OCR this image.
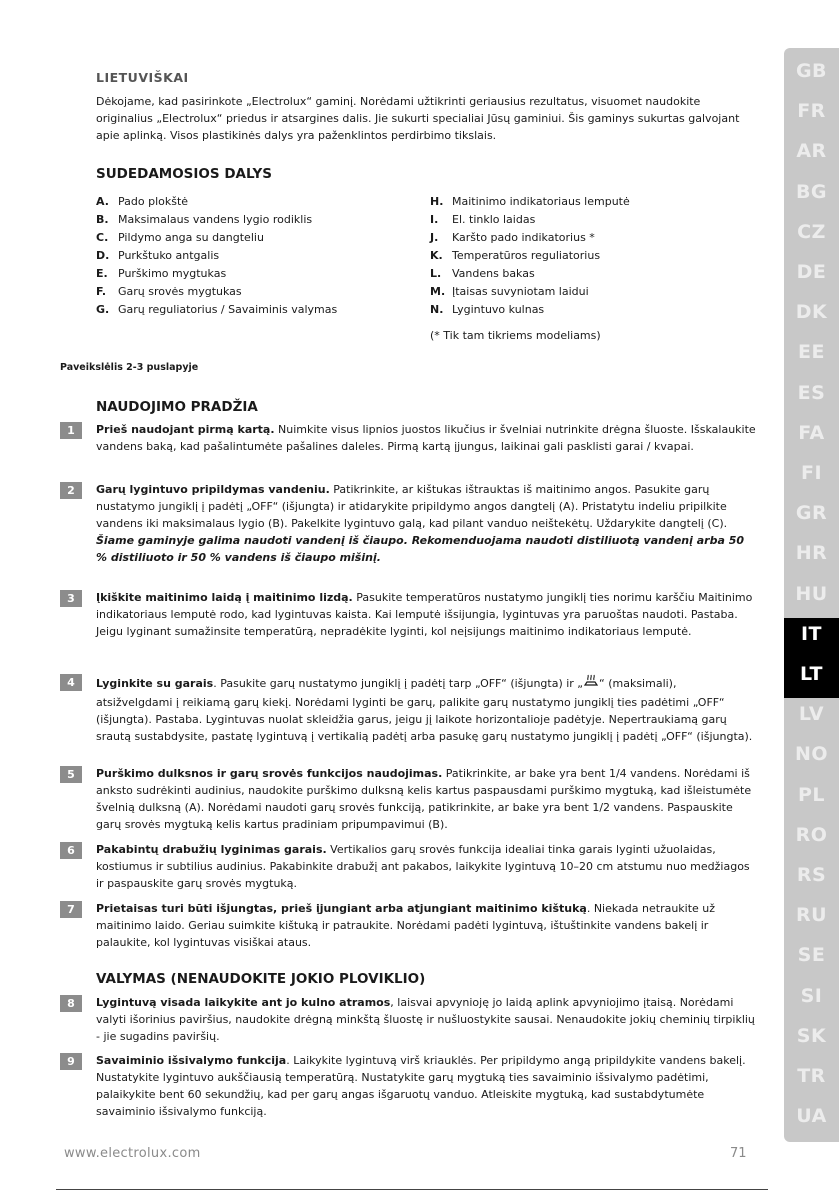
LIETUVIŠKAI
Dėkojame, kad pasirinkote „Electrolux“ gaminį. Norėdami užtikrinti geriausius rezultatus, visuomet naudokite originalius „Electrolux“ priedus ir atsargines dalis. Jie sukurti specialiai Jūsų gaminiui. Šis gaminys sukurtas galvojant apie aplinką. Visos plastikinės dalys yra paženklintos perdirbimo tikslais.
SUDEDAMOSIOS DALYS
A. Pado plokštė
B. Maksimalaus vandens lygio rodiklis
C. Pildymo anga su dangteliu
D. Purkštuko antgalis
E. Purškimo mygtukas
F.	Garų srovės mygtukas
G. Garų reguliatorius / Savaiminis valymas
H. Maitinimo indikatoriaus lemputė
I.	El. tinklo laidas
J.	Karšto pado indikatorius *
K. Temperatūros reguliatorius
L. Vandens bakas
M. Įtaisas suvyniotam laidui
N. Lygintuvo kulnas
(* Tik tam tikriems modeliams)
Paveikslėlis 2-3 puslapyje
NAUDOJIMO PRADŽIA
1	Prieš naudojant pirmą kartą. Nuimkite visus lipnios juostos likučius ir švelniai nutrinkite drėgna šluoste. Išskalaukite vandens baką, kad pašalintumėte pašalines daleles. Pirmą kartą įjungus, laikinai gali pasklisti garai / kvapai.
2	Garų lygintuvo pripildymas vandeniu. Patikrinkite, ar kištukas ištrauktas iš maitinimo angos. Pasukite garų nustatymo jungiklį į padėtį „OFF“ (išjungta) ir atidarykite pripildymo angos dangtelį (A). Pristatytu indeliu pripilkite vandens iki maksimalaus lygio (B). Pakelkite lygintuvo galą, kad pilant vanduo neištekėtų. Uždarykite dangtelį (C).
Šiame gaminyje galima naudoti vandenį iš čiaupo. Rekomenduojama naudoti distiliuotą vandenį arba 50 % distiliuoto ir 50 % vandens iš čiaupo mišinį.
3	Įkiškite maitinimo laidą į maitinimo lizdą. Pasukite temperatūros nustatymo jungiklį ties norimu karščiu Maitinimo indikatoriaus lemputė rodo, kad lygintuvas kaista. Kai lemputė išsijungia, lygintuvas yra paruoštas naudoti. Pastaba. Jeigu lyginant sumažinsite temperatūrą, nepradėkite lyginti, kol neįsijungs maitinimo indikatoriaus lemputė.
4	Lyginkite su garais. Pasukite garų nustatymo jungiklį į padėtį tarp „OFF“ (išjungta) ir „ “ (maksimali), atsižvelgdami į reikiamą garų kiekį. Norėdami lyginti be garų, palikite garų nustatymo jungiklį ties padėtimi „OFF“ (išjungta). Pastaba. Lygintuvas nuolat skleidžia garus, jeigu jį laikote horizontalioje padėtyje. Nepertraukiamą garų srautą sustabdysite, pastatę lygintuvą į vertikalią padėtį arba pasukę garų nustatymo jungiklį į padėtį „OFF“ (išjungta).
5	Purškimo dulksnos ir garų srovės funkcijos naudojimas. Patikrinkite, ar bake yra bent 1/4 vandens. Norėdami iš anksto sudrėkinti audinius, naudokite purškimo dulksną kelis kartus paspausdami purškimo mygtuką, kad išleistumėte švelnią dulksną (A). Norėdami naudoti garų srovės funkciją, patikrinkite, ar bake yra bent 1/2 vandens. Paspauskite garų srovės mygtuką kelis kartus pradiniam pripumpavimui (B).
6	Pakabintų drabužių lyginimas garais. Vertikalios garų srovės funkcija idealiai tinka garais lyginti užuolaidas, kostiumus ir subtilius audinius. Pakabinkite drabužį ant pakabos, laikykite lygintuvą 10–20 cm atstumu nuo medžiagos ir paspauskite garų srovės mygtuką.
7	Prietaisas turi būti išjungtas, prieš įjungiant arba atjungiant maitinimo kištuką. Niekada netraukite už maitinimo laido. Geriau suimkite kištuką ir patraukite. Norėdami padėti lygintuvą, ištuštinkite vandens bakelį ir palaukite, kol lygintuvas visiškai ataus.
VALYMAS (NENAUDOKITE JOKIO PLOVIKLIO)
8	Lygintuvą visada laikykite ant jo kulno atramos, laisvai apvynioję jo laidą aplink apvyniojimo įtaisą. Norėdami valyti išorinius paviršius, naudokite drėgną minkštą šluostę ir nušluostykite sausai. Nenaudokite jokių cheminių tirpiklių - jie sugadins paviršių.
9	Savaiminio išsivalymo funkcija. Laikykite lygintuvą virš kriauklės. Per pripildymo angą pripildykite vandens bakelį. Nustatykite lygintuvo aukščiausią temperatūrą. Nustatykite garų mygtuką ties savaiminio išsivalymo padėtimi, palaikykite bent 60 sekundžių, kad per garų angas išgaruotų vanduo. Atleiskite mygtuką, kad sustabdytumėte savaiminio išsivalymo funkciją.
GB
FR
AR
BG
CZ
DE
DK
EE
ES
FA
FI
GR
HR
HU
IT
LT
LV
NO
PL
RO
RS
RU
SE
SI
SK
TR
UA
www.electrolux.com	71
